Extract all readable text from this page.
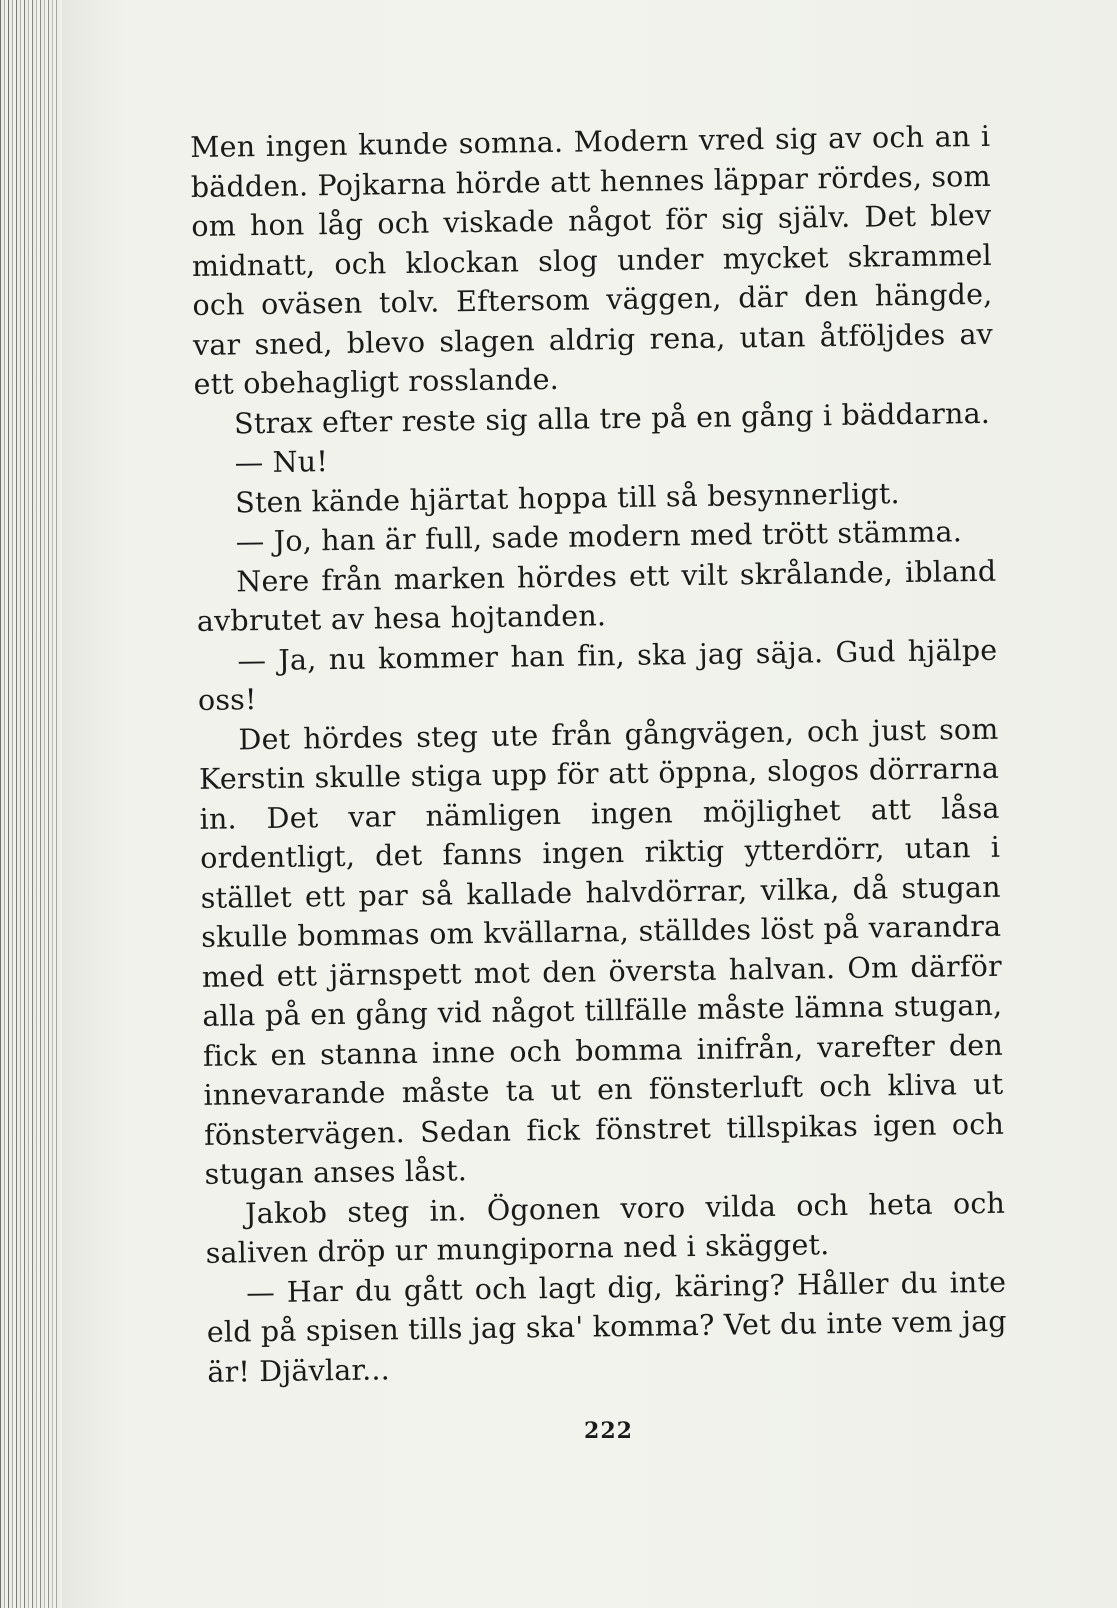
Men ingen kunde somna. Modern vred sig av och an i bädden. Pojkarna hörde att hennes läppar rördes, som om hon låg och viskade något för sig själv. Det blev midnatt, och klockan slog under mycket skrammel och oväsen tolv. Eftersom väggen, där den hängde, var sned, blevo slagen aldrig rena, utan åtföljdes av ett obehagligt rosslande.

Strax efter reste sig alla tre på en gång i bäddarna.

— Nu!

Sten kände hjärtat hoppa till så besynnerligt.

— Jo, han är full, sade modern med trött stämma.

Nere från marken hördes ett vilt skrålande, ibland avbrutet av hesa hojtanden.

— Ja, nu kommer han fin, ska jag säja. Gud hjälpe oss!

Det hördes steg ute från gångvägen, och just som Kerstin skulle stiga upp för att öppna, slogos dörrarna in. Det var nämligen ingen möjlighet att låsa ordentligt, det fanns ingen riktig ytterdörr, utan i stället ett par så kallade halvdörrar, vilka, då stugan skulle bommas om kvällarna, ställdes löst på varandra med ett järnspett mot den översta halvan. Om därför alla på en gång vid något tillfälle måste lämna stugan, fick en stanna inne och bomma inifrån, varefter den innevarande måste ta ut en fönsterluft och kliva ut fönstervägen. Sedan fick fönstret tillspikas igen och stugan anses låst.

Jakob steg in. Ögonen voro vilda och heta och saliven dröp ur mungiporna ned i skägget.

— Har du gått och lagt dig, käring? Håller du inte eld på spisen tills jag ska' komma? Vet du inte vem jag är! Djävlar...

222
